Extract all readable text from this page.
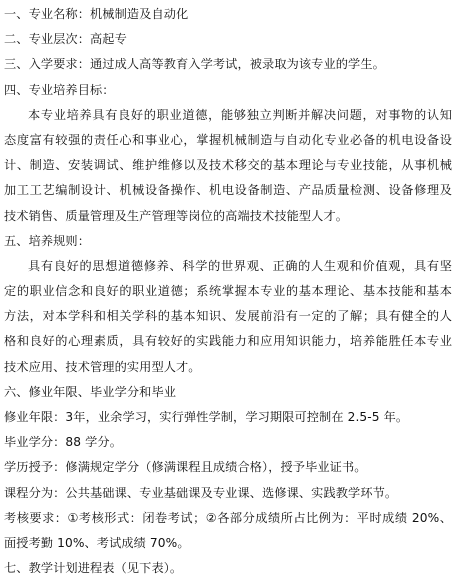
一、专业名称：机械制造及自动化
二、专业层次：高起专
三、入学要求：通过成人高等教育入学考试，被录取为该专业的学生。
四、专业培养目标：
本专业培养具有良好的职业道德，能够独立判断并解决问题，对事物的认知
态度富有较强的责任心和事业心，掌握机械制造与自动化专业必备的机电设备设
计、制造、安装调试、维护维修以及技术移交的基本理论与专业技能，从事机械
加工工艺编制设计、机械设备操作、机电设备制造、产品质量检测、设备修理及
技术销售、质量管理及生产管理等岗位的高端技术技能型人才。
五、培养规则：
具有良好的思想道德修养、科学的世界观、正确的人生观和价值观，具有坚
定的职业信念和良好的职业道德；系统掌握本专业的基本理论、基本技能和基本
方法，对本学科和相关学科的基本知识、发展前沿有一定的了解；具有健全的人
格和良好的心理素质，具有较好的实践能力和应用知识能力，培养能胜任本专业
技术应用、技术管理的实用型人才。
六、修业年限、毕业学分和毕业
修业年限：3年，业余学习，实行弹性学制，学习期限可控制在 2.5-5 年。
毕业学分：88 学分。
学历授予：修满规定学分（修满课程且成绩合格），授予毕业证书。
课程分为：公共基础课、专业基础课及专业课、选修课、实践教学环节。
考核要求：①考核形式：闭卷考试；②各部分成绩所占比例为：平时成绩 20%、
面授考勤 10%、考试成绩 70%。
七、教学计划进程表（见下表）。
